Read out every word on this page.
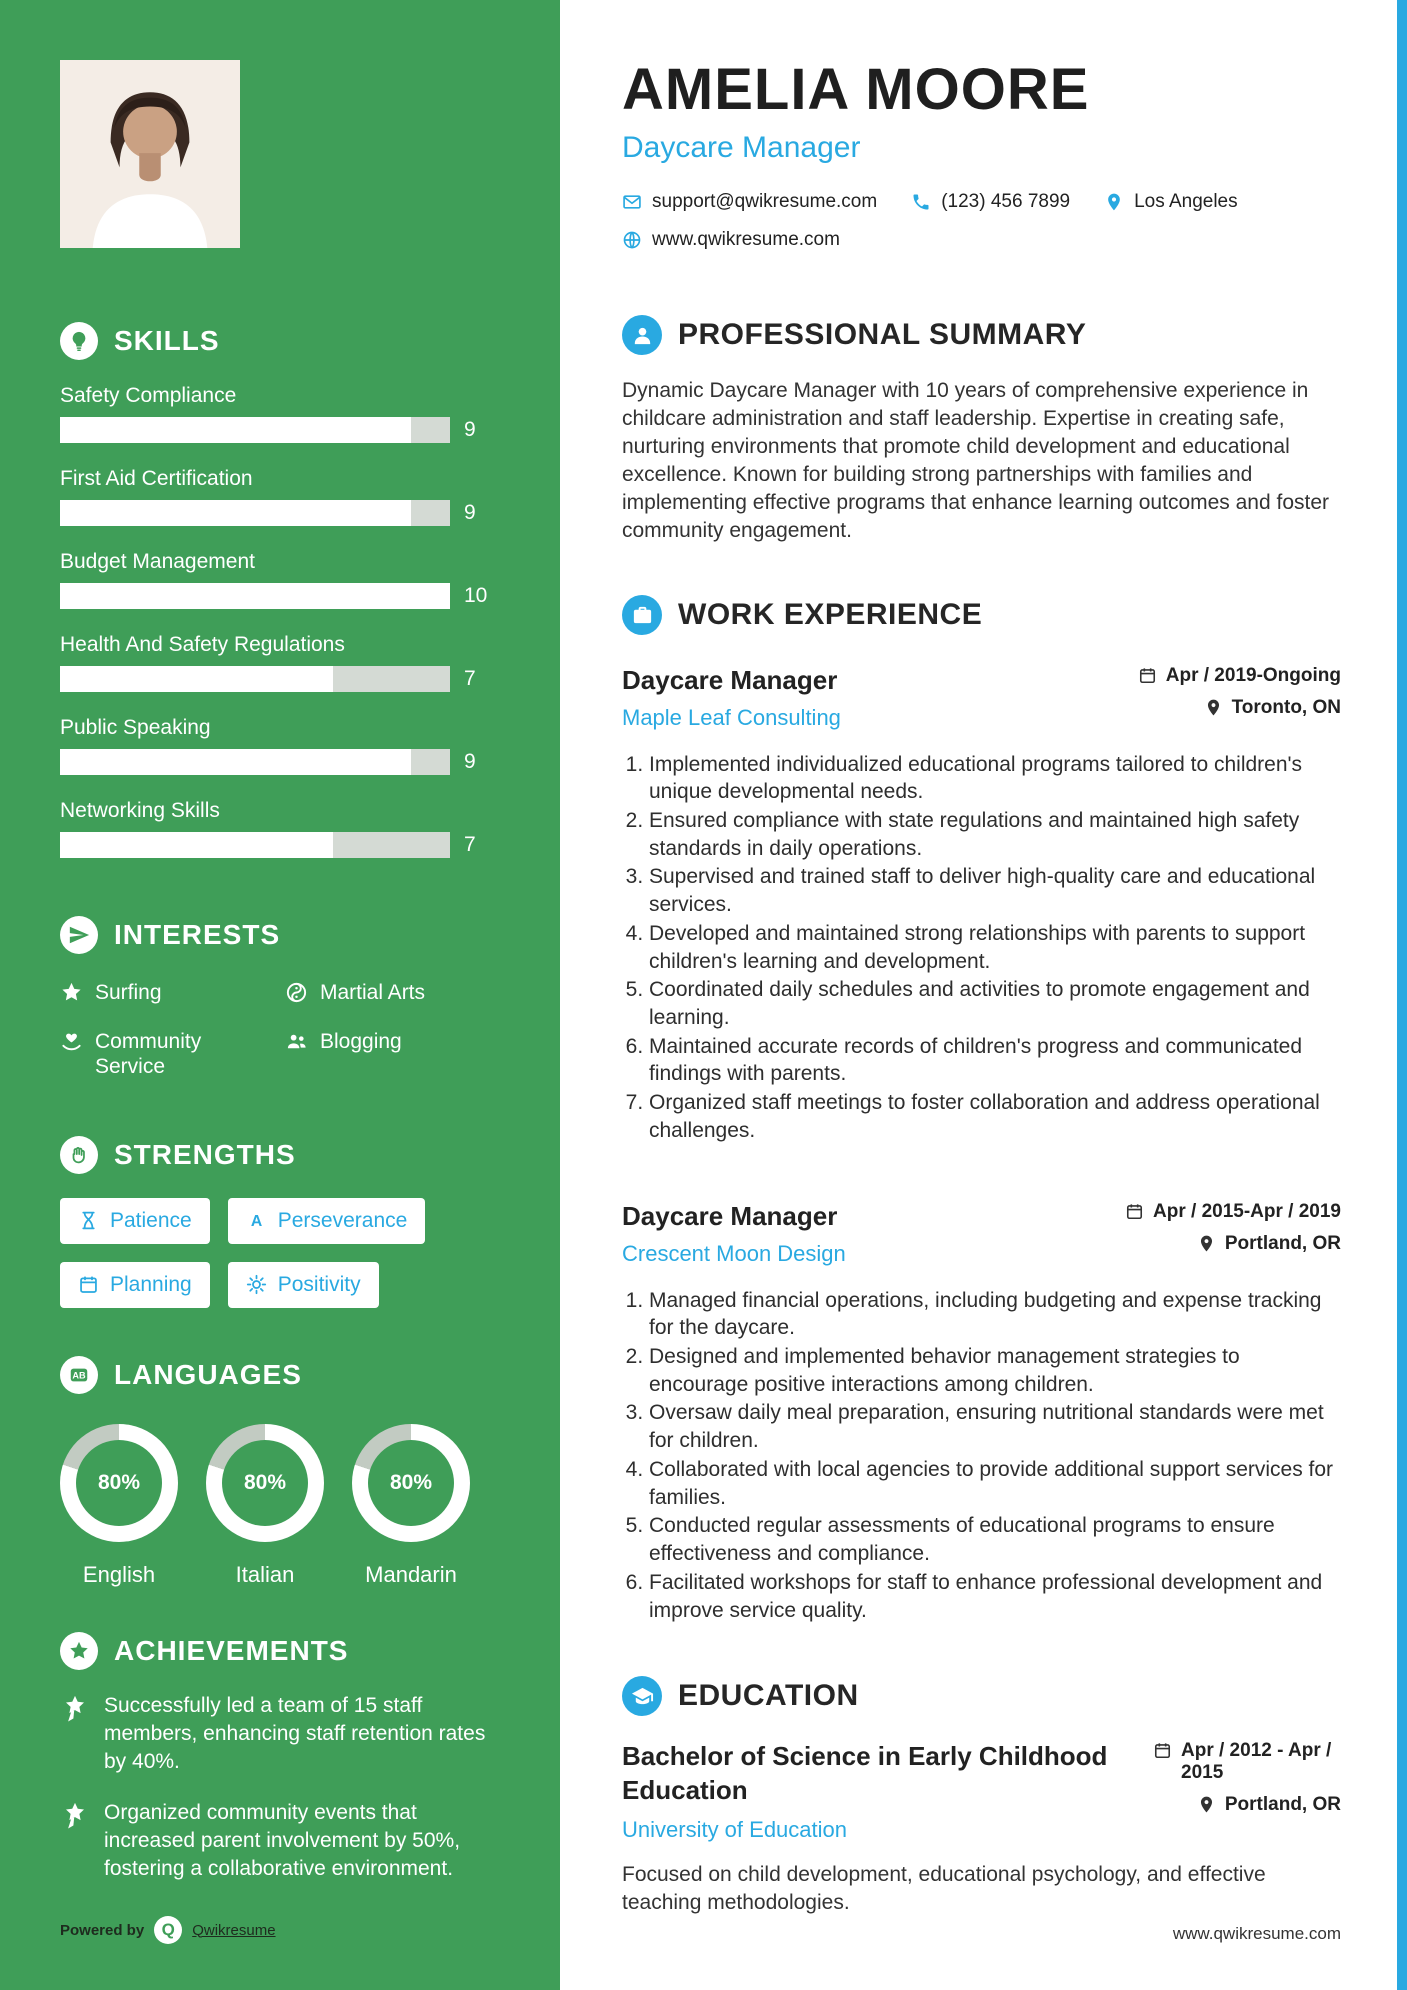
SKILLS
Safety Compliance
9
First Aid Certification
9
Budget Management
10
Health And Safety Regulations
7
Public Speaking
9
Networking Skills
7
INTERESTS
Surfing	Martial Arts
Community Service
Blogging
STRENGTHS
Patience	A Perseverance
Planning	Positivity
AB LANGUAGES
80%
English
80%
Italian
80%
Mandarin
ACHIEVEMENTS
Successfully led a team of 15 staff members, enhancing staff retention rates by 40%.
Organized community events that increased parent involvement by 50%, fostering a collaborative environment.
Powered by	Q	Qwikresume
AMELIA MOORE
Daycare Manager
support@qwikresume.com	(123) 456 7899	Los Angeles
www.qwikresume.com
PROFESSIONAL SUMMARY

Dynamic Daycare Manager with 10 years of comprehensive experience in childcare administration and staff leadership. Expertise in creating safe, nurturing environments that promote child development and educational excellence. Known for building strong partnerships with families and implementing effective programs that enhance learning outcomes and foster community engagement.

WORK EXPERIENCE
Daycare Manager
Maple Leaf Consulting
Apr / 2019-Ongoing
Toronto, ON
1. Implemented individualized educational programs tailored to children's unique developmental needs.
2. Ensured compliance with state regulations and maintained high safety standards in daily operations.
3. Supervised and trained staff to deliver high-quality care and educational services.
4. Developed and maintained strong relationships with parents to support children's learning and development.
5. Coordinated daily schedules and activities to promote engagement and learning.
6. Maintained accurate records of children's progress and communicated findings with parents.
7. Organized staff meetings to foster collaboration and address operational challenges.
Daycare Manager
Crescent Moon Design
Apr / 2015-Apr / 2019
Portland, OR
1. Managed financial operations, including budgeting and expense tracking for the daycare.
2. Designed and implemented behavior management strategies to encourage positive interactions among children.
3. Oversaw daily meal preparation, ensuring nutritional standards were met for children.
4. Collaborated with local agencies to provide additional support services for families.
5. Conducted regular assessments of educational programs to ensure effectiveness and compliance.
6. Facilitated workshops for staff to enhance professional development and improve service quality.
EDUCATION
Bachelor of Science in Early Childhood Education
University of Education
Apr / 2012 - Apr / 2015
Portland, OR

Focused on child development, educational psychology, and effective teaching methodologies.

www.qwikresume.com
